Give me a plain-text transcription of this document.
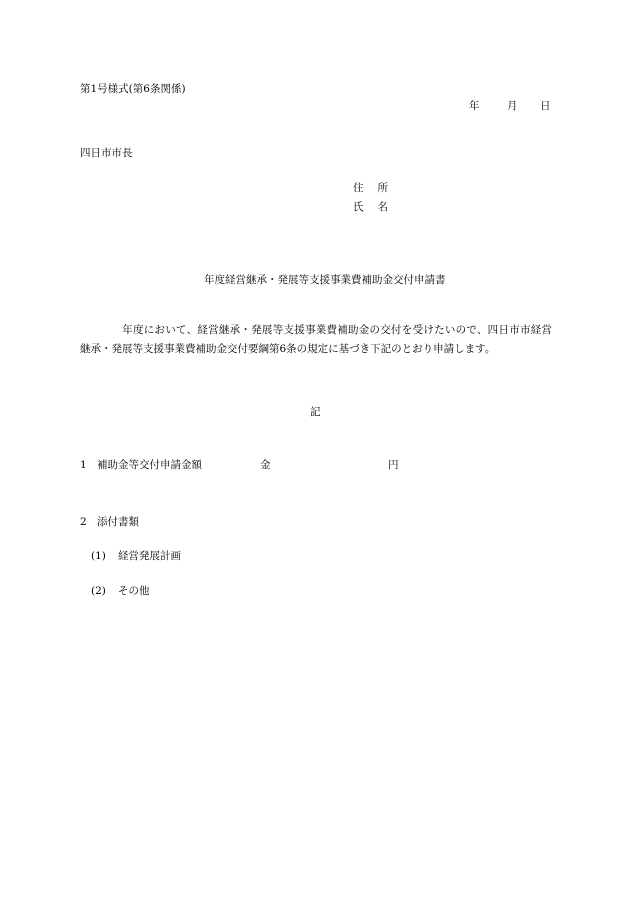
第1号様式(第6条関係)
年	月 日
四日市市長
住 所
氏 名
年度経営継承・発展等支援事業費補助金交付申請書
年度において、経営継承・発展等支援事業費補助金の交付を受けたいので、四日市市経営継承・発展等支援事業費補助金交付要綱第6条の規定に基づき下記のとおり申請します。
記
1 補助金等交付申請金額	金	円
2 添付書類
(1) 経営発展計画
(2) その他
